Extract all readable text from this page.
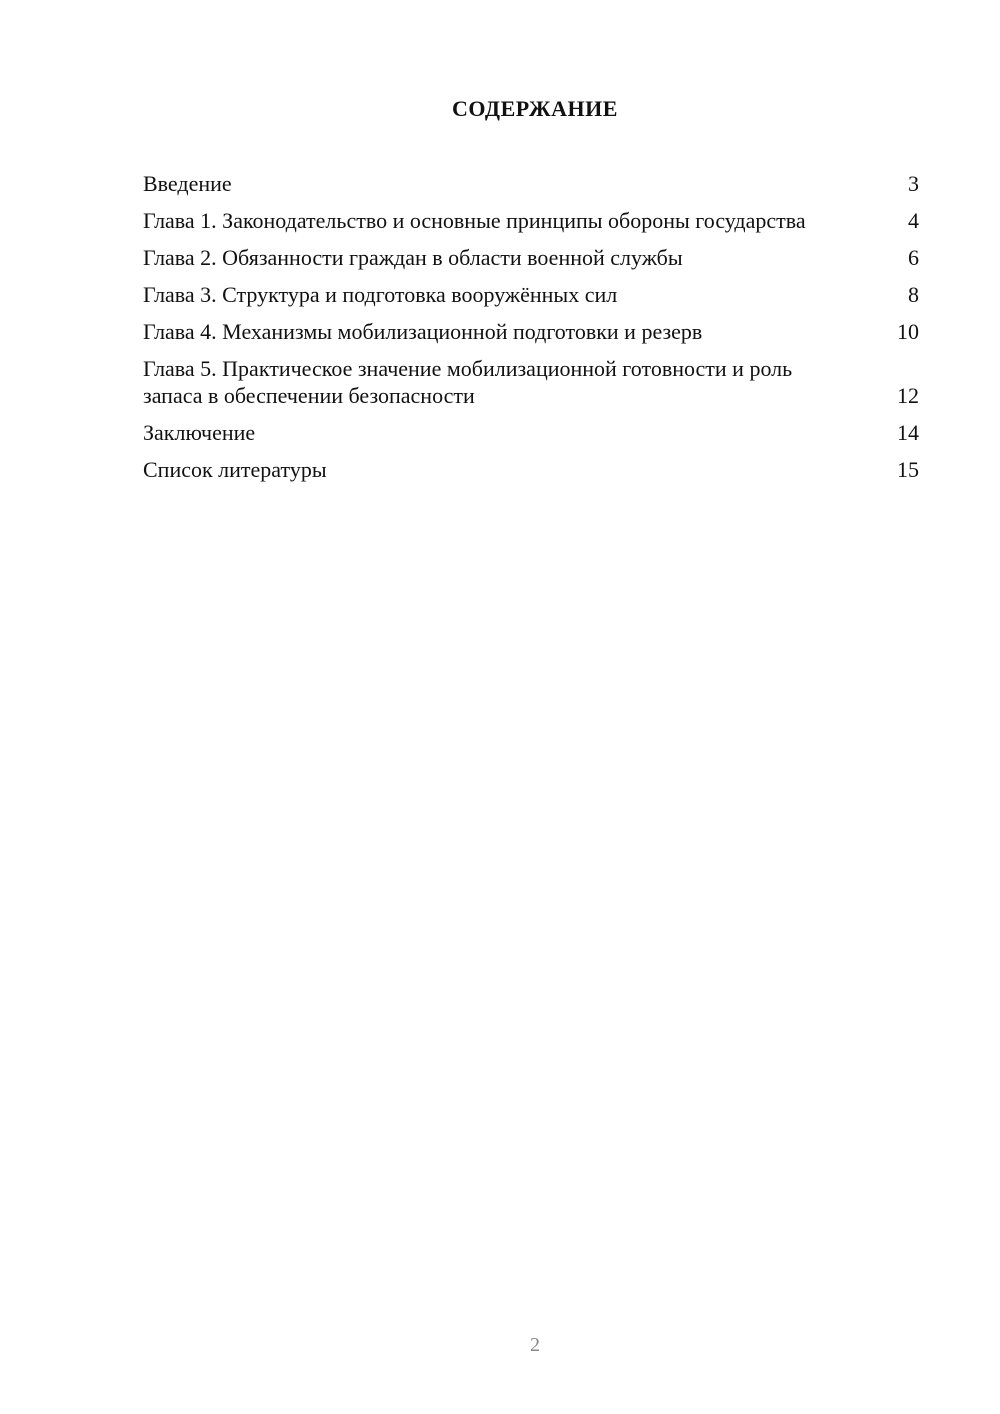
СОДЕРЖАНИЕ
Введение	3
Глава 1. Законодательство и основные принципы обороны государства	4
Глава 2. Обязанности граждан в области военной службы	6
Глава 3. Структура и подготовка вооружённых сил	8
Глава 4. Механизмы мобилизационной подготовки и резерв	10
Глава 5. Практическое значение мобилизационной готовности и роль запаса в обеспечении безопасности	12
Заключение	14
Список литературы	15
2
